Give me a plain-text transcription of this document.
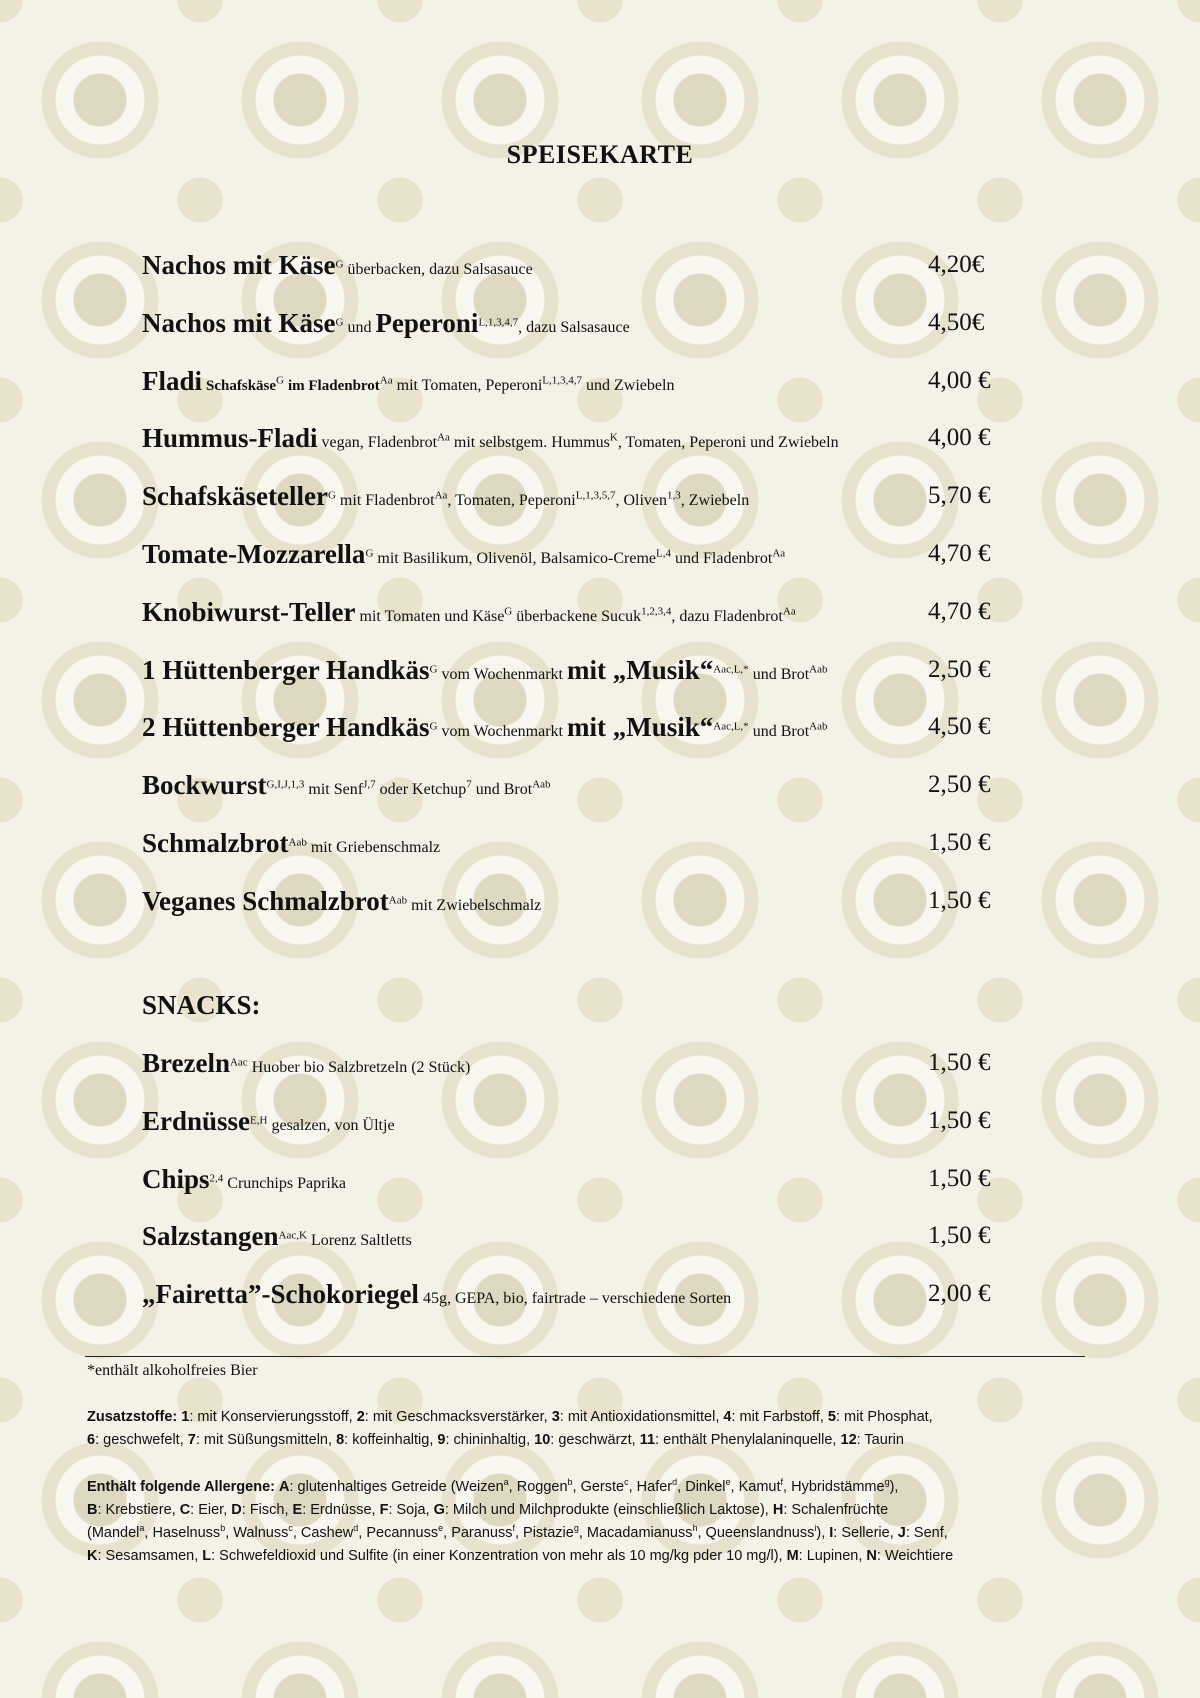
SPEISEKARTE
Nachos mit Käse$^G$ überbacken, dazu Salsasauce	4,20€
Nachos mit Käse$^G$ und Peperoni$^{L,1,3,4,7}$, dazu Salsasauce	4,50€
Fladi Schafskäse$^G$ im Fladenbrot$^{Aa}$ mit Tomaten, Peperoni$^{L,1,3,4,7}$ und Zwiebeln	4,00 €
Hummus-Fladi vegan, Fladenbrot$^{Aa}$ mit selbstgem. Hummus$^K$, Tomaten, Peperoni und Zwiebeln	4,00 €
Schafskäseteller$^G$ mit Fladenbrot$^{Aa}$, Tomaten, Peperoni$^{L,1,3,5,7}$, Oliven$^{1,3}$, Zwiebeln	5,70 €
Tomate-Mozzarella$^G$ mit Basilikum, Olivenöl, Balsamico-Creme$^{L,4}$ und Fladenbrot$^{Aa}$	4,70 €
Knobiwurst-Teller mit Tomaten und Käse$^G$ überbackene Sucuk$^{1,2,3,4}$, dazu Fladenbrot$^{Aa}$	4,70 €
1 Hüttenberger Handkäs$^G$ vom Wochenmarkt mit „Musik“$^{Aac,L,*}$ und Brot$^{Aab}$	2,50 €
2 Hüttenberger Handkäs$^G$ vom Wochenmarkt mit „Musik“$^{Aac,L,*}$ und Brot$^{Aab}$	4,50 €
Bockwurst$^{G,I,J,1,3}$ mit Senf$^{J,7}$ oder Ketchup$^7$ und Brot$^{Aab}$	2,50 €
Schmalzbrot$^{Aab}$ mit Griebenschmalz	1,50 €
Veganes Schmalzbrot$^{Aab}$ mit Zwiebelschmalz	1,50 €
SNACKS:
Brezeln$^{Aac}$ Huober bio Salzbretzeln (2 Stück)	1,50 €
Erdnüsse$^{E,H}$ gesalzen, von Ültje	1,50 €
Chips$^{2,4}$ Crunchips Paprika	1,50 €
Salzstangen$^{Aac,K}$ Lorenz Saltletts	1,50 €
„Fairetta”-Schokoriegel 45g, GEPA, bio, fairtrade – verschiedene Sorten	2,00 €
*enthält alkoholfreies Bier
Zusatzstoffe: 1: mit Konservierungsstoff, 2: mit Geschmacksverstärker, 3: mit Antioxidationsmittel, 4: mit Farbstoff, 5: mit Phosphat,
6: geschwefelt, 7: mit Süßungsmitteln, 8: koffeinhaltig, 9: chininhaltig, 10: geschwärzt, 11: enthält Phenylalaninquelle, 12: Taurin
Enthält folgende Allergene: A: glutenhaltiges Getreide (Weizen$^a$, Roggen$^b$, Gerste$^c$, Hafer$^d$, Dinkel$^e$, Kamut$^f$, Hybridstämme$^g$),
B: Krebstiere, C: Eier, D: Fisch, E: Erdnüsse, F: Soja, G: Milch und Milchprodukte (einschließlich Laktose), H: Schalenfrüchte
(Mandel$^a$, Haselnuss$^b$, Walnuss$^c$, Cashew$^d$, Pecannuss$^e$, Paranuss$^f$, Pistazie$^g$, Macadamianuss$^h$, Queenslandnuss$^i$), I: Sellerie, J: Senf,
K: Sesamsamen, L: Schwefeldioxid und Sulfite (in einer Konzentration von mehr als 10 mg/kg pder 10 mg/l), M: Lupinen, N: Weichtiere
